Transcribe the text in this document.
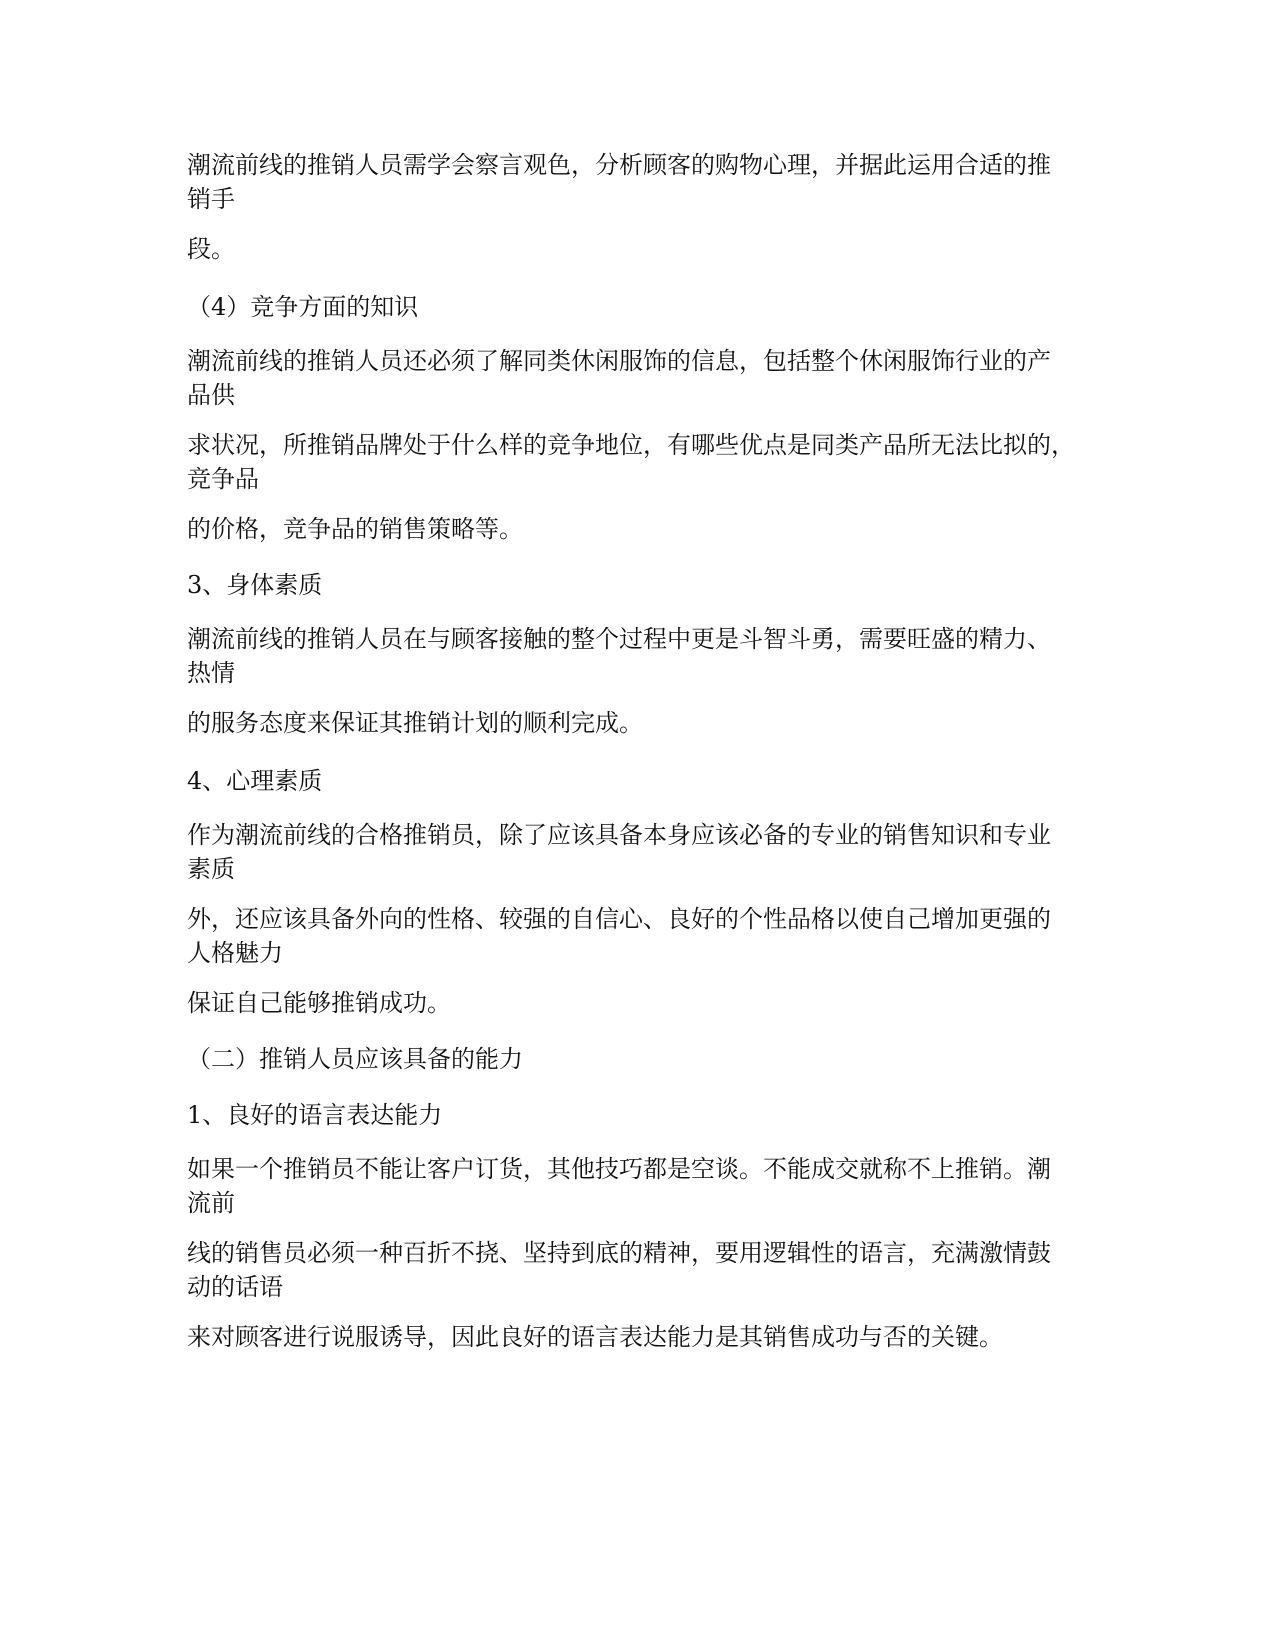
潮流前线的推销人员需学会察言观色，分析顾客的购物心理，并据此运用合适的推
销手

段。

（4）竞争方面的知识

潮流前线的推销人员还必须了解同类休闲服饰的信息，包括整个休闲服饰行业的产
品供

求状况，所推销品牌处于什么样的竞争地位，有哪些优点是同类产品所无法比拟的，
竞争品

的价格，竞争品的销售策略等。

3、身体素质

潮流前线的推销人员在与顾客接触的整个过程中更是斗智斗勇，需要旺盛的精力、
热情

的服务态度来保证其推销计划的顺利完成。

4、心理素质

作为潮流前线的合格推销员，除了应该具备本身应该必备的专业的销售知识和专业
素质

外，还应该具备外向的性格、较强的自信心、良好的个性品格以使自己增加更强的
人格魅力

保证自己能够推销成功。

（二）推销人员应该具备的能力

1、良好的语言表达能力

如果一个推销员不能让客户订货，其他技巧都是空谈。不能成交就称不上推销。潮
流前

线的销售员必须一种百折不挠、坚持到底的精神，要用逻辑性的语言，充满激情鼓
动的话语

来对顾客进行说服诱导，因此良好的语言表达能力是其销售成功与否的关键。
